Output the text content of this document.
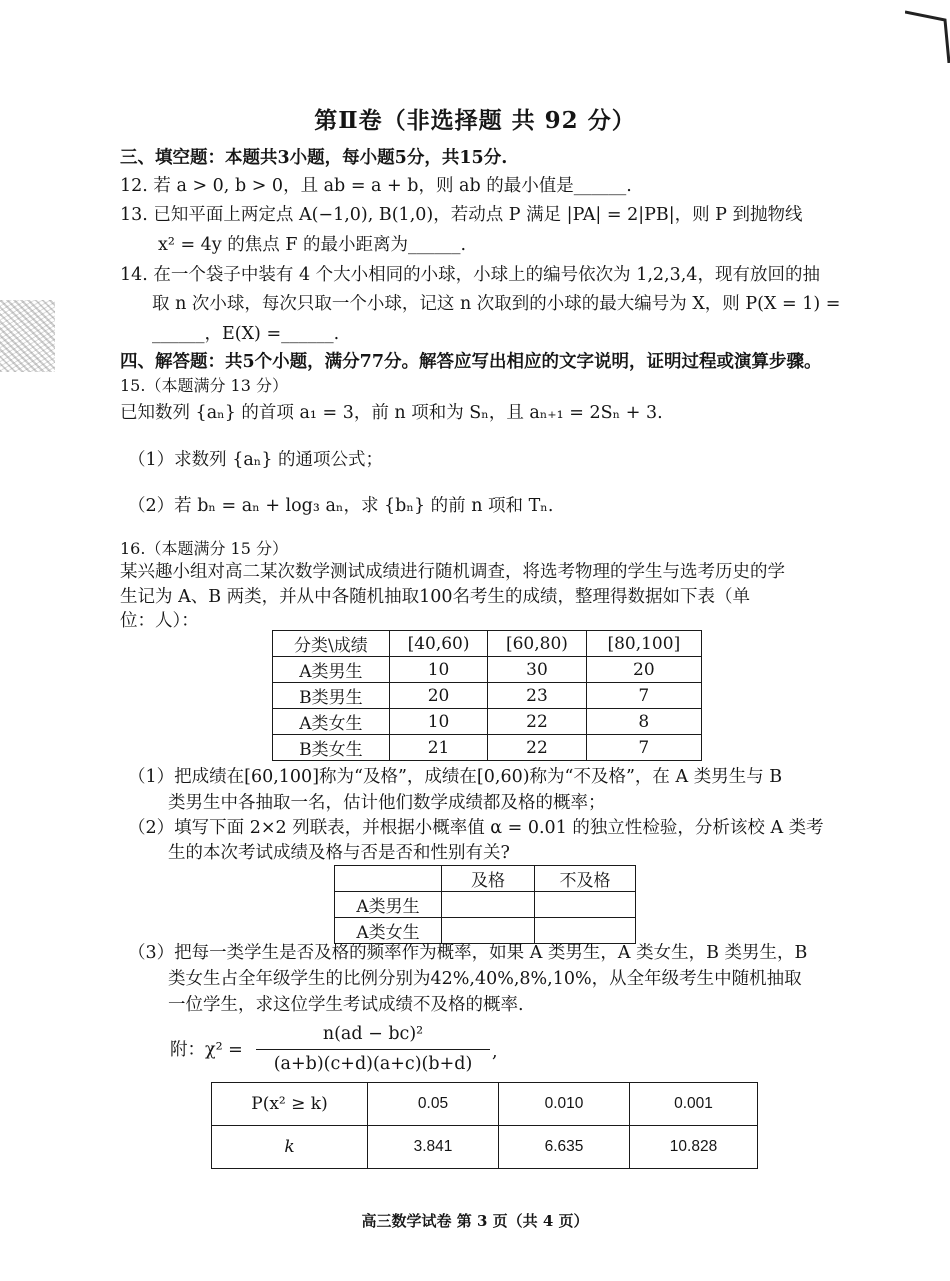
第Ⅱ卷（非选择题 共 92 分）
三、填空题：本题共3小题，每小题5分，共15分.
12. 若 a > 0, b > 0，且 ab = a + b，则 ab 的最小值是______.
13. 已知平面上两定点 A(−1,0), B(1,0)，若动点 P 满足 |PA| = 2|PB|，则 P 到抛物线
x² = 4y 的焦点 F 的最小距离为______.
14. 在一个袋子中装有 4 个大小相同的小球，小球上的编号依次为 1,2,3,4，现有放回的抽
取 n 次小球，每次只取一个小球，记这 n 次取到的小球的最大编号为 X，则 P(X = 1) =
______，E(X) =______.
四、解答题：共5个小题，满分77分。解答应写出相应的文字说明，证明过程或演算步骤。
15.（本题满分 13 分）
已知数列 {aₙ} 的首项 a₁ = 3，前 n 项和为 Sₙ，且 aₙ₊₁ = 2Sₙ + 3.
（1）求数列 {aₙ} 的通项公式；
（2）若 bₙ = aₙ + log₃ aₙ，求 {bₙ} 的前 n 项和 Tₙ.
16.（本题满分 15 分）
某兴趣小组对高二某次数学测试成绩进行随机调查，将选考物理的学生与选考历史的学
生记为 A、B 两类，并从中各随机抽取100名考生的成绩，整理得数据如下表（单
位：人）：
分类\成绩	[40,60)	[60,80)	[80,100]
A类男生	10	30	20
B类男生	20	23	7
A类女生	10	22	8
B类女生	21	22	7
（1）把成绩在[60,100]称为“及格”，成绩在[0,60)称为“不及格”，在 A 类男生与 B
类男生中各抽取一名，估计他们数学成绩都及格的概率；
（2）填写下面 2×2 列联表，并根据小概率值 α = 0.01 的独立性检验，分析该校 A 类考
生的本次考试成绩及格与否是否和性别有关?
	及格	不及格
A类男生		
A类女生		
（3）把每一类学生是否及格的频率作为概率，如果 A 类男生，A 类女生，B 类男生，B
类女生占全年级学生的比例分别为42%,40%,8%,10%，从全年级考生中随机抽取
一位学生，求这位学生考试成绩不及格的概率.
附：χ² =
n(ad − bc)²
(a+b)(c+d)(a+c)(b+d)
,
P(x² ≥ k)	0.05	0.010	0.001
k	3.841	6.635	10.828
高三数学试卷 第 3 页（共 4 页）
